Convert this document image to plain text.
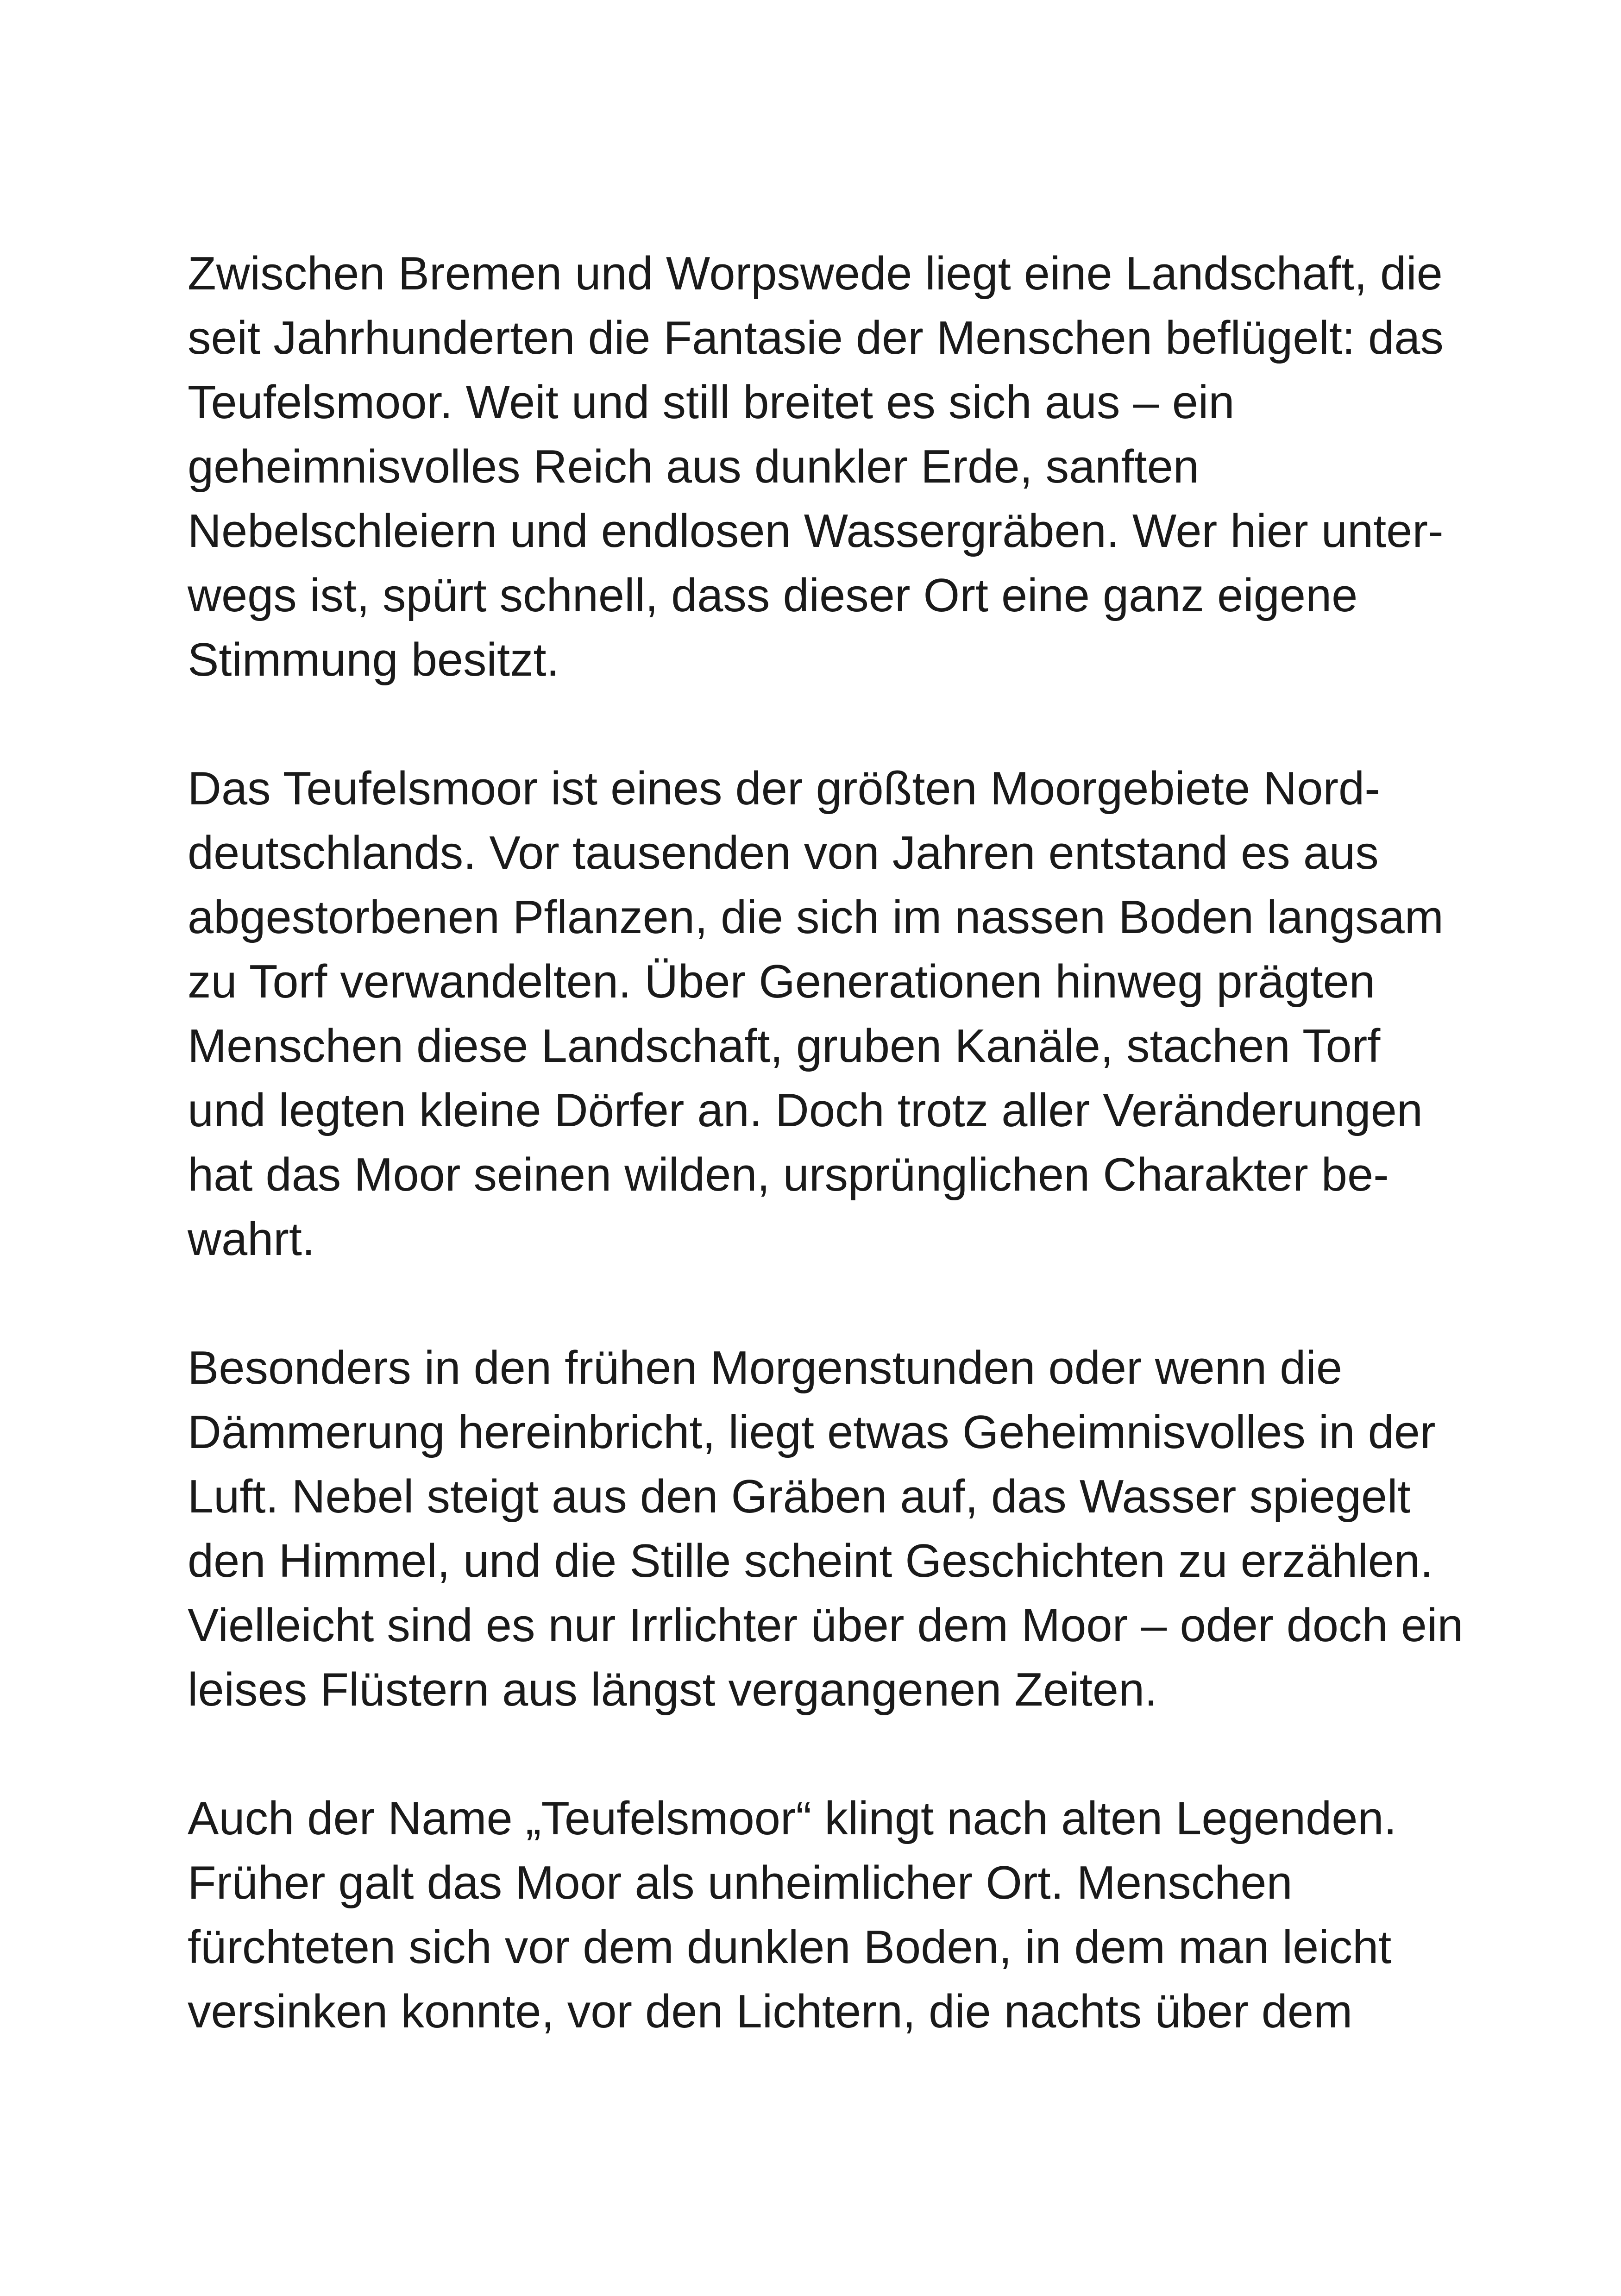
Zwischen Bremen und Worpswede liegt eine Landschaft, die
seit Jahrhunderten die Fantasie der Menschen beflügelt: das
Teufelsmoor. Weit und still breitet es sich aus – ein
geheimnisvolles Reich aus dunkler Erde, sanften
Nebelschleiern und endlosen Wassergräben. Wer hier unter-
wegs ist, spürt schnell, dass dieser Ort eine ganz eigene
Stimmung besitzt.

Das Teufelsmoor ist eines der größten Moorgebiete Nord-
deutschlands. Vor tausenden von Jahren entstand es aus
abgestorbenen Pflanzen, die sich im nassen Boden langsam
zu Torf verwandelten. Über Generationen hinweg prägten
Menschen diese Landschaft, gruben Kanäle, stachen Torf
und legten kleine Dörfer an. Doch trotz aller Veränderungen
hat das Moor seinen wilden, ursprünglichen Charakter be-
wahrt.

Besonders in den frühen Morgenstunden oder wenn die
Dämmerung hereinbricht, liegt etwas Geheimnisvolles in der
Luft. Nebel steigt aus den Gräben auf, das Wasser spiegelt
den Himmel, und die Stille scheint Geschichten zu erzählen.
Vielleicht sind es nur Irrlichter über dem Moor – oder doch ein
leises Flüstern aus längst vergangenen Zeiten.

Auch der Name „Teufelsmoor“ klingt nach alten Legenden.
Früher galt das Moor als unheimlicher Ort. Menschen
fürchteten sich vor dem dunklen Boden, in dem man leicht
versinken konnte, vor den Lichtern, die nachts über dem
